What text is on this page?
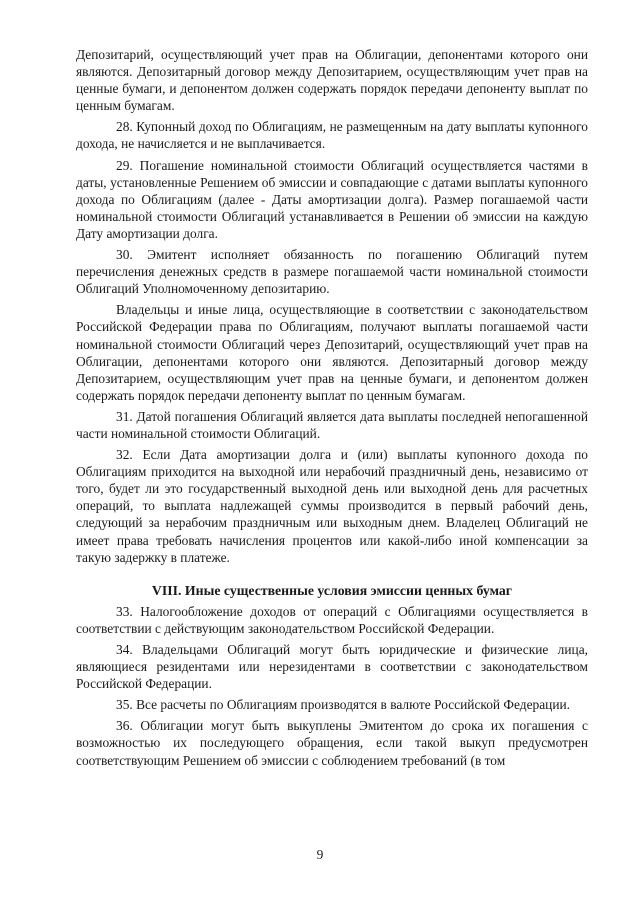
Депозитарий, осуществляющий учет прав на Облигации, депонентами которого они являются. Депозитарный договор между Депозитарием, осуществляющим учет прав на ценные бумаги, и депонентом должен содержать порядок передачи депоненту выплат по ценным бумагам.

28. Купонный доход по Облигациям, не размещенным на дату выплаты купонного дохода, не начисляется и не выплачивается.

29. Погашение номинальной стоимости Облигаций осуществляется частями в даты, установленные Решением об эмиссии и совпадающие с датами выплаты купонного дохода по Облигациям (далее - Даты амортизации долга). Размер погашаемой части номинальной стоимости Облигаций устанавливается в Решении об эмиссии на каждую Дату амортизации долга.

30. Эмитент исполняет обязанность по погашению Облигаций путем перечисления денежных средств в размере погашаемой части номинальной стоимости Облигаций Уполномоченному депозитарию.

Владельцы и иные лица, осуществляющие в соответствии с законодательством Российской Федерации права по Облигациям, получают выплаты погашаемой части номинальной стоимости Облигаций через Депозитарий, осуществляющий учет прав на Облигации, депонентами которого они являются. Депозитарный договор между Депозитарием, осуществляющим учет прав на ценные бумаги, и депонентом должен содержать порядок передачи депоненту выплат по ценным бумагам.

31. Датой погашения Облигаций является дата выплаты последней непогашенной части номинальной стоимости Облигаций.

32. Если Дата амортизации долга и (или) выплаты купонного дохода по Облигациям приходится на выходной или нерабочий праздничный день, независимо от того, будет ли это государственный выходной день или выходной день для расчетных операций, то выплата надлежащей суммы производится в первый рабочий день, следующий за нерабочим праздничным или выходным днем. Владелец Облигаций не имеет права требовать начисления процентов или какой-либо иной компенсации за такую задержку в платеже.

VIII. Иные существенные условия эмиссии ценных бумаг

33. Налогообложение доходов от операций с Облигациями осуществляется в соответствии с действующим законодательством Российской Федерации.

34. Владельцами Облигаций могут быть юридические и физические лица, являющиеся резидентами или нерезидентами в соответствии с законодательством Российской Федерации.

35. Все расчеты по Облигациям производятся в валюте Российской Федерации.

36. Облигации могут быть выкуплены Эмитентом до срока их погашения с возможностью их последующего обращения, если такой выкуп предусмотрен соответствующим Решением об эмиссии с соблюдением требований (в том

9
